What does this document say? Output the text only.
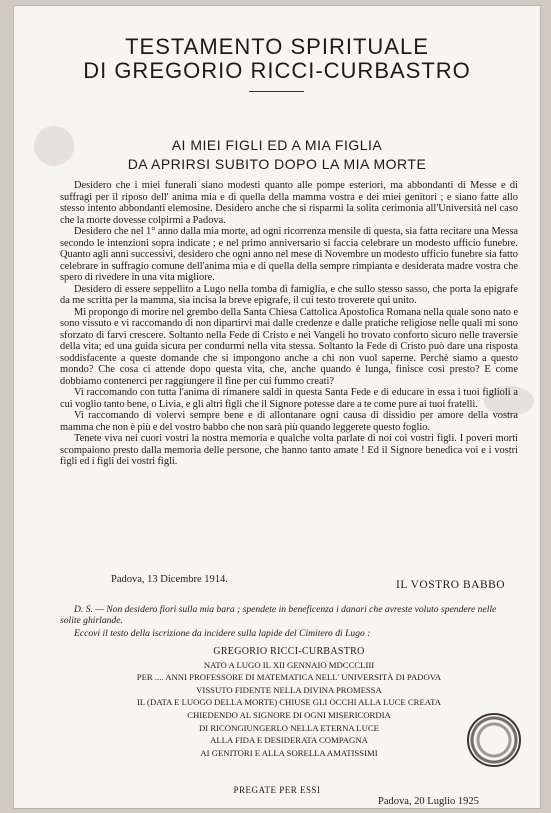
TESTAMENTO SPIRITUALE
DI GREGORIO RICCI-CURBASTRO
AI MIEI FIGLI ED A MIA FIGLIA
DA APRIRSI SUBITO DOPO LA MIA MORTE

Desidero che i miei funerali siano modesti quanto alle pompe esteriori, ma abbondanti di Messe e di suffragi per il riposo dell' anima mia e di quella della mamma vostra e dei miei genitori ; e siano fatte allo stesso intento abbondanti elemosine. Desidero anche che si risparmi la solita cerimonia all'Università nel caso che la morte dovesse colpirmi a Padova.

Desidero che nel 1° anno dalla mia morte, ad ogni ricorrenza mensile di questa, sia fatta recitare una Messa secondo le intenzioni sopra indicate ; e nel primo anniversario si faccia celebrare un modesto ufficio funebre. Quanto agli anni successivi, desidero che ogni anno nel mese di Novembre un modesto ufficio funebre sia fatto celebrare in suffragio comune dell'anima mia e di quella della sempre rimpianta e desiderata madre vostra che spero di rivedere in una vita migliore.

Desidero di essere seppellito a Lugo nella tomba di famiglia, e che sullo stesso sasso, che porta la epigrafe da me scritta per la mamma, sia incisa la breve epigrafe, il cui testo troverete qui unito.

Mi propongo di morire nel grembo della Santa Chiesa Cattolica Apostolica Romana nella quale sono nato e sono vissuto e vi raccomando di non dipartirvi mai dalle credenze e dalle pratiche religiose nelle quali mi sono sforzato di farvi crescere. Soltanto nella Fede di Cristo e nei Vangeli ho trovato conforto sicuro nelle traversie della vita; ed una guida sicura per condurmi nella vita stessa. Soltanto la Fede di Cristo può dare una risposta soddisfacente a queste domande che si impongono anche a chi non vuol saperne. Perchè siamo a questo mondo? Che cosa ci attende dopo questa vita, che, anche quando è lunga, finisce così presto? E come dobbiamo contenerci per raggiungere il fine per cui fummo creati?

Vi raccomando con tutta l'anima di rimanere saldi in questa Santa Fede e di educare in essa i tuoi figlioli a cui voglio tanto bene, o Livia, e gli altri figli che il Signore potesse dare a te come pure ai tuoi fratelli.

Vi raccomando di volervi sempre bene e di allontanare ogni causa di dissidio per amore della vostra mamma che non è più e del vostro babbo che non sarà più quando leggerete questo foglio.

Tenete viva nei cuori vostri la nostra memoria e qualche volta parlate di noi coi vostri figli. I poveri morti scompaiono presto dalla memoria delle persone, che hanno tanto amate ! Ed il Signore benedica voi e i vostri figli ed i figli dei vostri figli.

Padova, 13 Dicembre 1914.	IL VOSTRO BABBO
D. S. — Non desidero fiori sulla mia bara ; spendete in beneficenza i danari che avreste voluto spendere nelle solite ghirlande.
Eccovi il testo della iscrizione da incidere sulla lapide del Cimitero di Lugo :
GREGORIO RICCI-CURBASTRO
NATO A LUGO IL XII GENNAIO MDCCCLIII
PER .... ANNI PROFESSORE DI MATEMATICA NELL' UNIVERSITÀ DI PADOVA
VISSUTO FIDENTE NELLA DIVINA PROMESSA
IL (DATA E LUOGO DELLA MORTE) CHIUSE GLI OCCHI ALLA LUCE CREATA
CHIEDENDO AL SIGNORE DI OGNI MISERICORDIA
DI RICONGIUNGERLO NELLA ETERNA LUCE
ALLA FIDA E DESIDERATA COMPAGNA
AI GENITORI E ALLA SORELLA AMATISSIMI
PREGATE PER ESSI
Padova, 20 Luglio 1925
